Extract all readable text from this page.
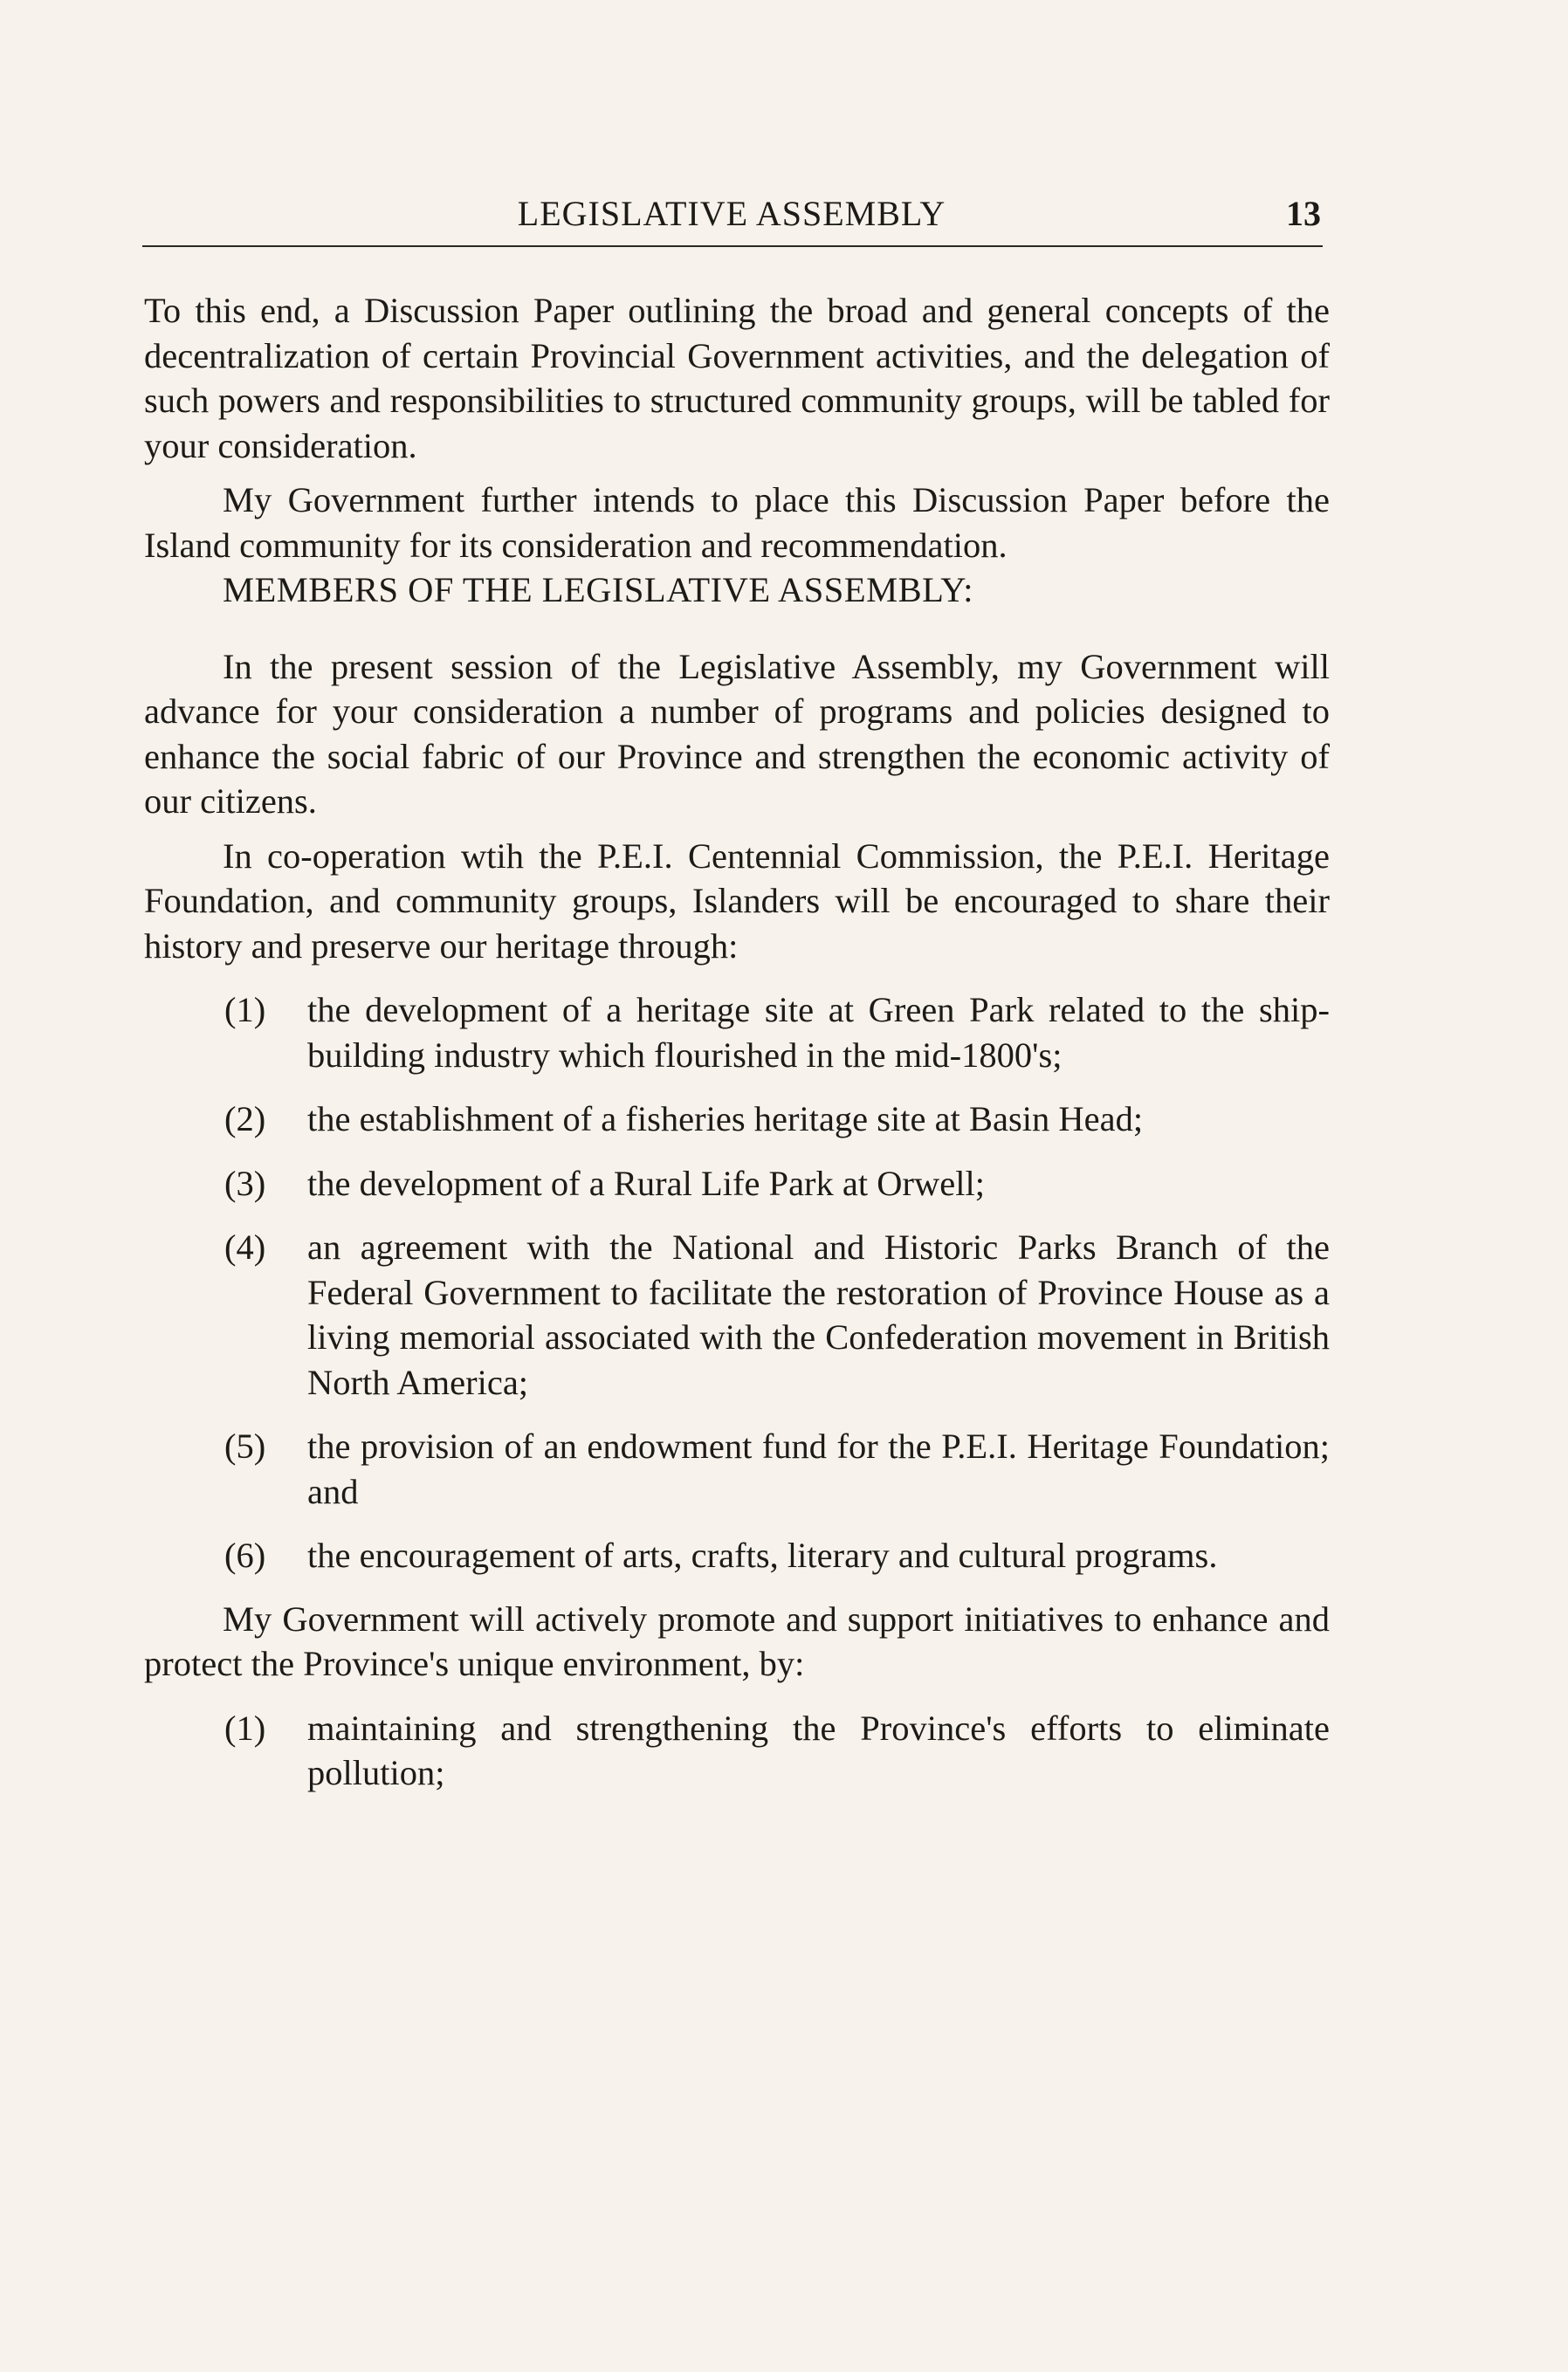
LEGISLATIVE ASSEMBLY	13

To this end, a Discussion Paper outlining the broad and general concepts of the decentralization of certain Provincial Government activities, and the delegation of such powers and responsibilities to structured community groups, will be tabled for your consideration.

My Government further intends to place this Discussion Paper before the Island community for its consideration and recommendation.

MEMBERS OF THE LEGISLATIVE ASSEMBLY:

In the present session of the Legislative Assembly, my Government will advance for your consideration a number of programs and policies designed to enhance the social fabric of our Province and strengthen the economic activity of our citizens.

In co-operation wtih the P.E.I. Centennial Commission, the P.E.I. Heritage Foundation, and community groups, Islanders will be encouraged to share their history and preserve our heritage through:

(1) the development of a heritage site at Green Park related to the ship-building industry which flourished in the mid-1800's;
(2) the establishment of a fisheries heritage site at Basin Head;
(3) the development of a Rural Life Park at Orwell;
(4) an agreement with the National and Historic Parks Branch of the Federal Government to facilitate the restoration of Province House as a living memorial associated with the Confederation movement in British North America;
(5) the provision of an endowment fund for the P.E.I. Heritage Foundation; and
(6) the encouragement of arts, crafts, literary and cultural programs.

My Government will actively promote and support initiatives to enhance and protect the Province's unique environment, by:

(1) maintaining and strengthening the Province's efforts to eliminate pollution;
